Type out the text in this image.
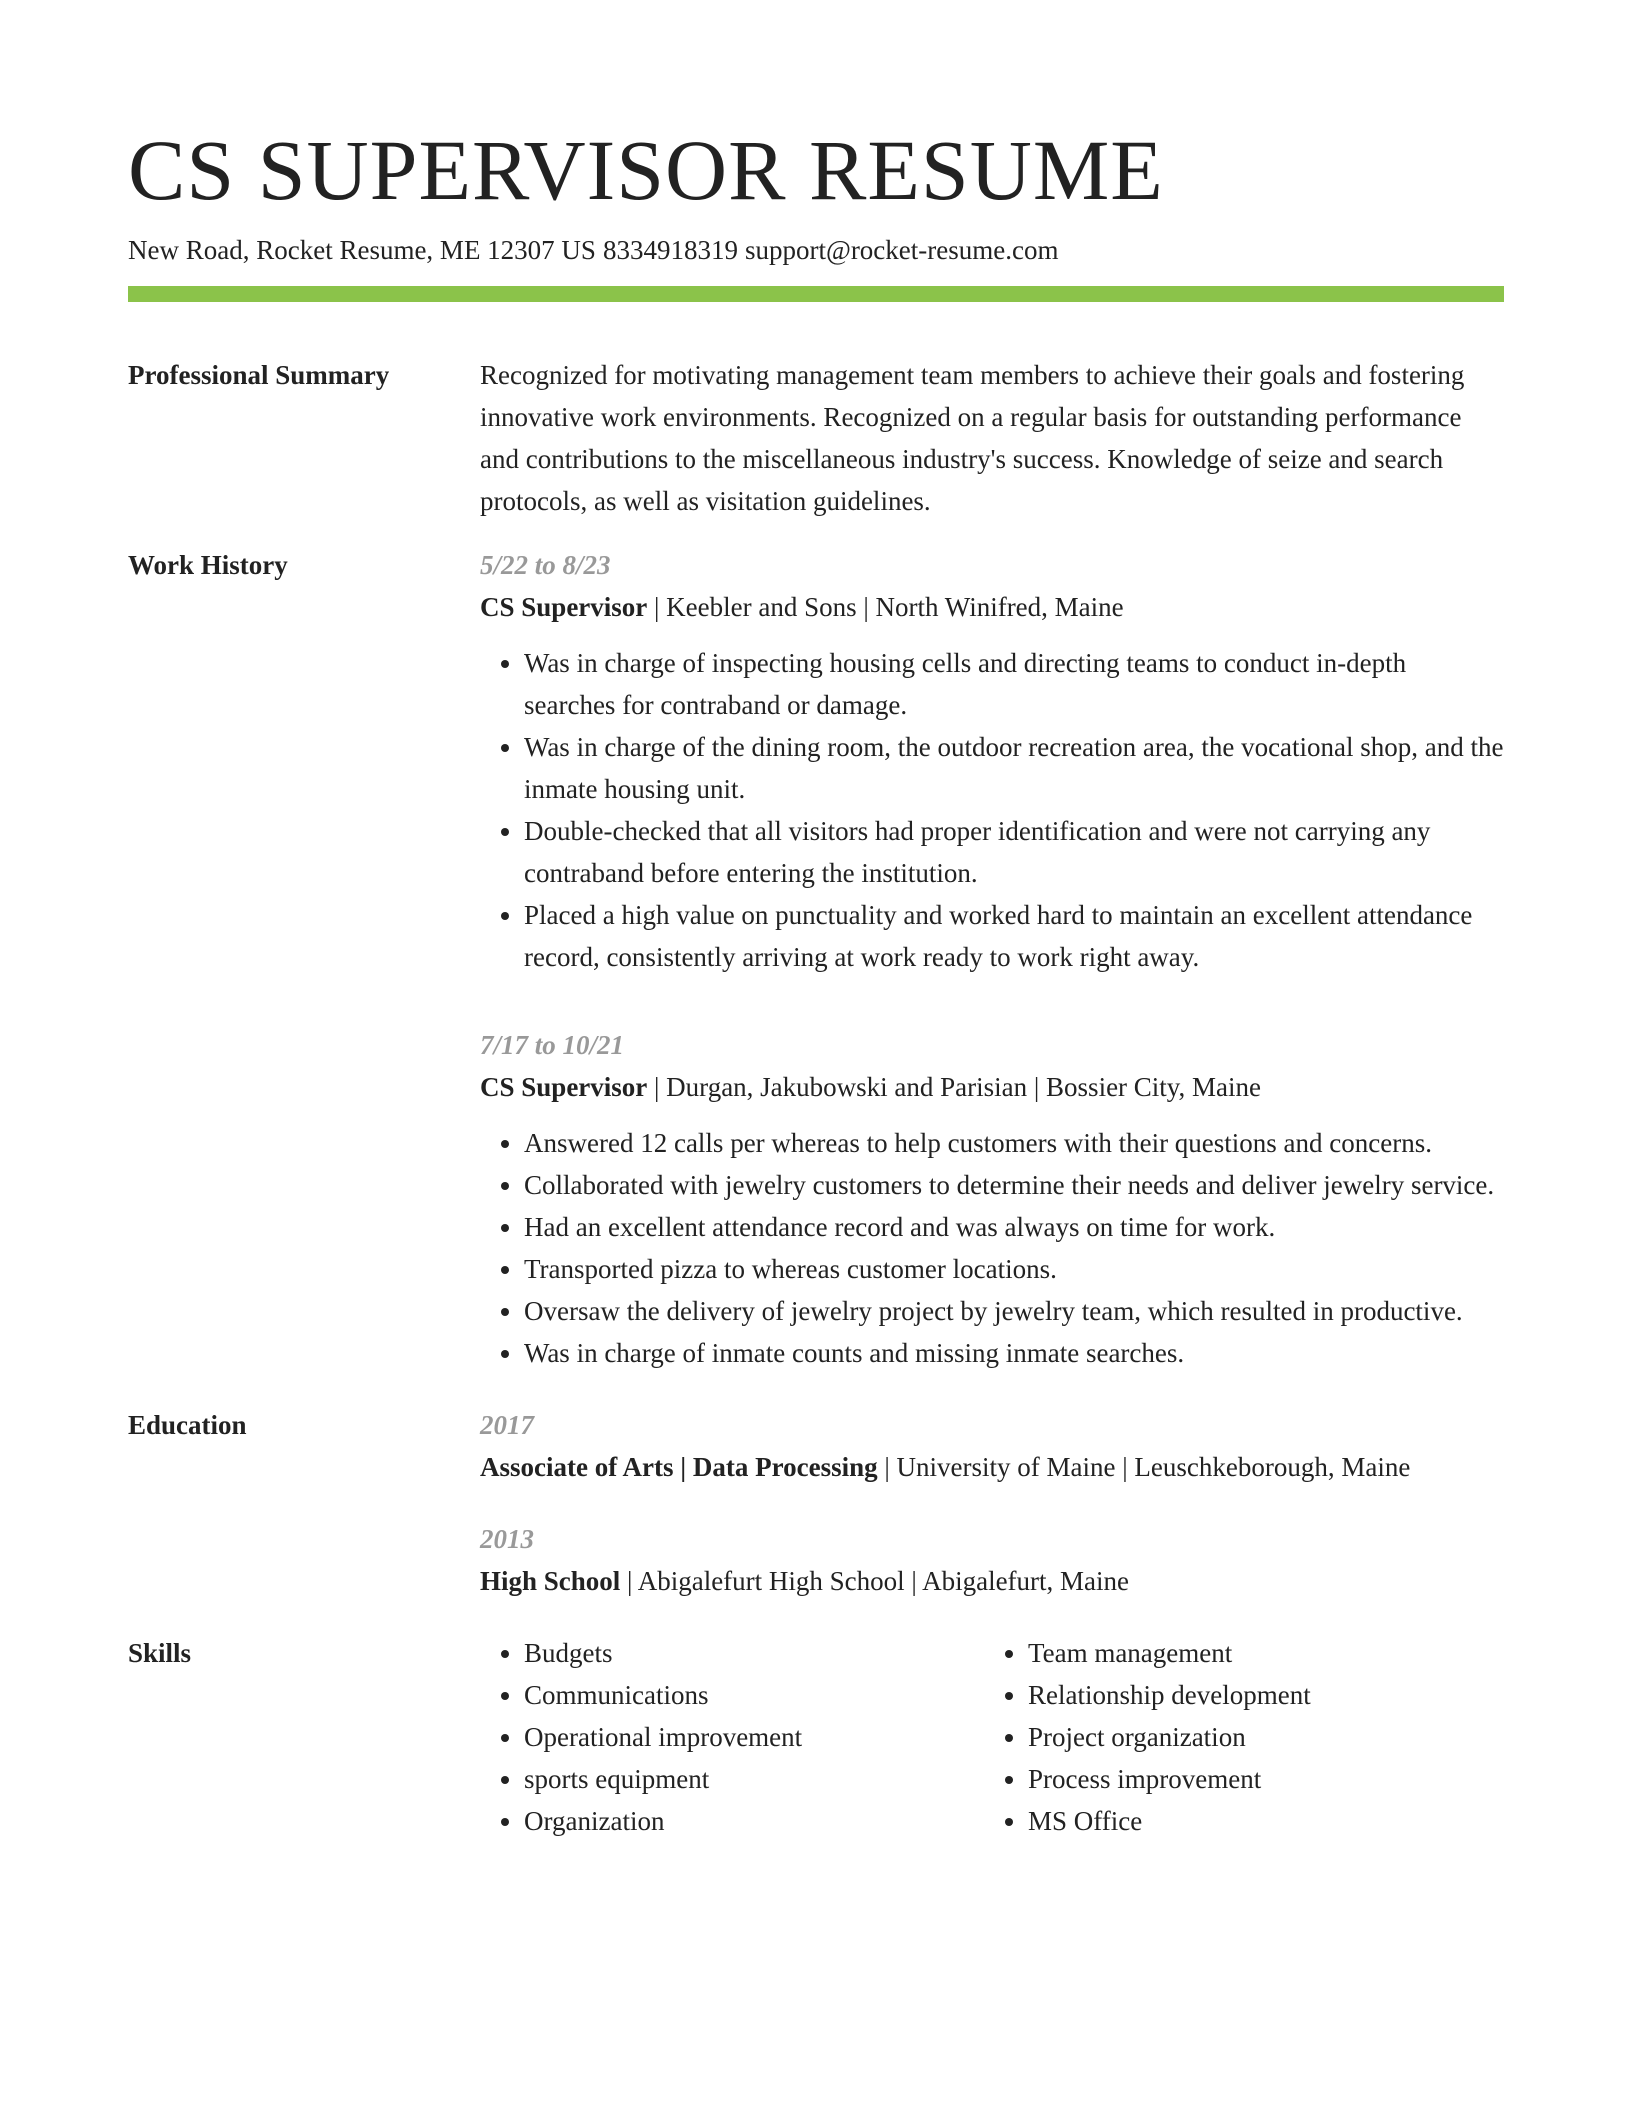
CS SUPERVISOR RESUME
New Road, Rocket Resume, ME 12307 US 8334918319 support@rocket-resume.com
Professional Summary	Recognized for motivating management team members to achieve their goals and fostering innovative work environments. Recognized on a regular basis for outstanding performance and contributions to the miscellaneous industry's success. Knowledge of seize and search protocols, as well as visitation guidelines.

Work History	5/22 to 8/23
CS Supervisor | Keebler and Sons | North Winifred, Maine
• Was in charge of inspecting housing cells and directing teams to conduct in-depth searches for contraband or damage.
• Was in charge of the dining room, the outdoor recreation area, the vocational shop, and the inmate housing unit.
• Double-checked that all visitors had proper identification and were not carrying any contraband before entering the institution.
• Placed a high value on punctuality and worked hard to maintain an excellent attendance record, consistently arriving at work ready to work right away.
7/17 to 10/21
CS Supervisor | Durgan, Jakubowski and Parisian | Bossier City, Maine
• Answered 12 calls per whereas to help customers with their questions and concerns.
• Collaborated with jewelry customers to determine their needs and deliver jewelry service.
• Had an excellent attendance record and was always on time for work.
• Transported pizza to whereas customer locations.
• Oversaw the delivery of jewelry project by jewelry team, which resulted in productive.
• Was in charge of inmate counts and missing inmate searches.
Education	2017
Associate of Arts | Data Processing | University of Maine | Leuschkeborough, Maine
2013
High School | Abigalefurt High School | Abigalefurt, Maine
Skills
•	Budgets
• Communications
• Operational improvement
• sports equipment
• Organization
• Team management
• Relationship development
• Project organization
• Process improvement
• MS Office
